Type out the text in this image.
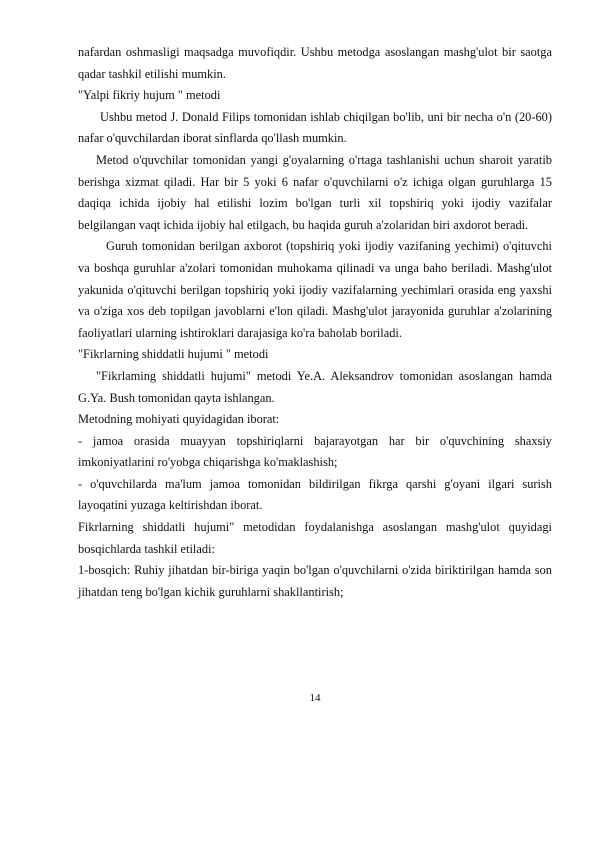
nafardan oshmasligi maqsadga muvofiqdir. Ushbu metodga asoslangan mashg'ulot bir saotga qadar tashkil etilishi mumkin.

"Yalpi fikriy hujum " metodi

Ushbu metod J. Donald Filips tomonidan ishlab chiqilgan bo'lib, uni bir necha o'n (20-60) nafar o'quvchilardan iborat sinflarda qo'llash mumkin.

Metod o'quvchilar tomonidan yangi g'oyalarning o'rtaga tashlanishi uchun sharoit yaratib berishga xizmat qiladi. Har bir 5 yoki 6 nafar o'quvchilarni o'z ichiga olgan guruhlarga 15 daqiqa ichida ijobiy hal etilishi lozim bo'lgan turli xil topshiriq yoki ijodiy vazifalar belgilangan vaqt ichida ijobiy hal etilgach, bu haqida guruh a'zolaridan biri axdorot beradi.

Guruh tomonidan berilgan axborot (topshiriq yoki ijodiy vazifaning yechimi) o'qituvchi va boshqa guruhlar a'zolari tomonidan muhokama qilinadi va unga baho beriladi. Mashg'ulot yakunida o'qituvchi berilgan topshiriq yoki ijodiy vazifalarning yechimlari orasida eng yaxshi va o'ziga xos deb topilgan javoblarni e'lon qiladi. Mashg'ulot jarayonida guruhlar a'zolarining faoliyatlari ularning ishtiroklari darajasiga ko'ra baholab boriladi.

"Fikrlarning shiddatli hujumi " metodi

"Fikrlaming shiddatli hujumi" metodi Ye.A. Aleksandrov tomonidan asoslangan hamda G.Ya. Bush tomonidan qayta ishlangan.

Metodning mohiyati quyidagidan iborat:

- jamoa orasida muayyan topshiriqlarni bajarayotgan har bir o'quvchining shaxsiy imkoniyatlarini ro'yobga chiqarishga ko'maklashish;

- o'quvchilarda ma'lum jamoa tomonidan bildirilgan fikrga qarshi g'oyani ilgari surish layoqatini yuzaga keltirishdan iborat.

Fikrlarning shiddatli hujumi" metodidan foydalanishga asoslangan mashg'ulot quyidagi bosqichlarda tashkil etiladi:

1-bosqich: Ruhiy jihatdan bir-biriga yaqin bo'lgan o'quvchilarni o'zida biriktirilgan hamda son jihatdan teng bo'lgan kichik guruhlarni shakllantirish;

14
